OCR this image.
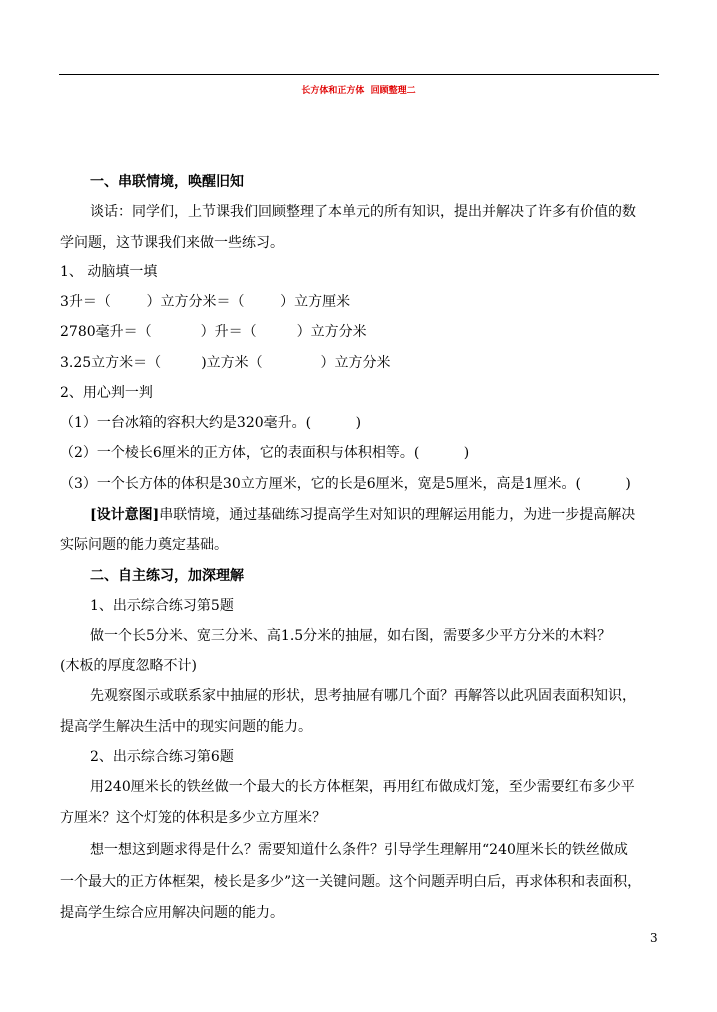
长方体和正方体  回顾整理二
一、串联情境，唤醒旧知
谈话：同学们，上节课我们回顾整理了本单元的所有知识，提出并解决了许多有价值的数
学问题，这节课我们来做一些练习。
1、 动脑填一填
3升＝（        ）立方分米＝（        ）立方厘米
2780毫升＝（           ）升＝（         ）立方分米
3.25立方米＝（         )立方米（             ）立方分米
2、用心判一判
（1）一台冰箱的容积大约是320毫升。(          )
（2）一个棱长6厘米的正方体，它的表面积与体积相等。(          )
（3）一个长方体的体积是30立方厘米，它的长是6厘米，宽是5厘米，高是1厘米。(          )
[设计意图]串联情境，通过基础练习提高学生对知识的理解运用能力，为进一步提高解决
实际问题的能力奠定基础。
二、自主练习，加深理解
1、出示综合练习第5题
做一个长5分米、宽三分米、高1.5分米的抽屉，如右图，需要多少平方分米的木料？
(木板的厚度忽略不计)
先观察图示或联系家中抽屉的形状，思考抽屉有哪几个面？再解答以此巩固表面积知识，
提高学生解决生活中的现实问题的能力。
2、出示综合练习第6题
用240厘米长的铁丝做一个最大的长方体框架，再用红布做成灯笼，至少需要红布多少平
方厘米？这个灯笼的体积是多少立方厘米？
想一想这到题求得是什么？需要知道什么条件？引导学生理解用“240厘米长的铁丝做成
一个最大的正方体框架，棱长是多少”这一关键问题。这个问题弄明白后，再求体积和表面积，
提高学生综合应用解决问题的能力。
3
